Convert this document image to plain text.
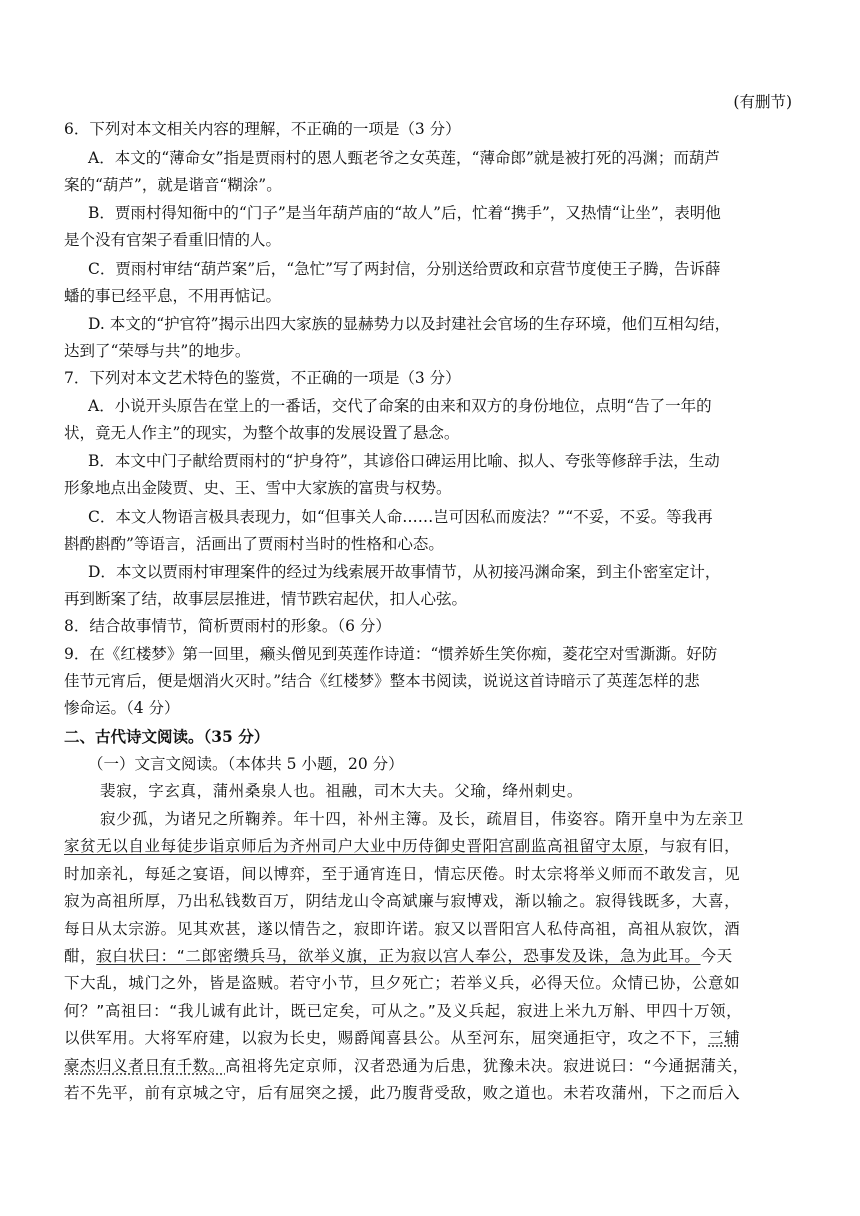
(有删节)
6．下列对本文相关内容的理解，不正确的一项是（3 分）
A．本文的“薄命女”指是贾雨村的恩人甄老爷之女英莲，“薄命郎”就是被打死的冯渊；而葫芦
案的“葫芦”，就是谐音“糊涂”。
B．贾雨村得知衙中的“门子”是当年葫芦庙的“故人”后，忙着“携手”，又热情“让坐”，表明他
是个没有官架子看重旧情的人。
C．贾雨村审结“葫芦案”后，“急忙”写了两封信，分别送给贾政和京营节度使王子腾，告诉薛
蟠的事已经平息，不用再惦记。
D. 本文的“护官符”揭示出四大家族的显赫势力以及封建社会官场的生存环境，他们互相勾结，
达到了“荣辱与共”的地步。
7．下列对本文艺术特色的鉴赏，不正确的一项是（3 分）
A．小说开头原告在堂上的一番话，交代了命案的由来和双方的身份地位，点明“告了一年的
状，竟无人作主”的现实，为整个故事的发展设置了悬念。
B．本文中门子献给贾雨村的“护身符”，其谚俗口碑运用比喻、拟人、夸张等修辞手法，生动
形象地点出金陵贾、史、王、雪中大家族的富贵与权势。
C．本文人物语言极具表现力，如“但事关人命……岂可因私而废法？”“不妥，不妥。等我再
斟酌斟酌”等语言，活画出了贾雨村当时的性格和心态。
D．本文以贾雨村审理案件的经过为线索展开故事情节，从初接冯渊命案，到主仆密室定计，
再到断案了结，故事层层推进，情节跌宕起伏，扣人心弦。
8．结合故事情节，简析贾雨村的形象。（6 分）
9．在《红楼梦》第一回里，癞头僧见到英莲作诗道：“惯养娇生笑你痴，菱花空对雪澌澌。好防
佳节元宵后，便是烟消火灭时。”结合《红楼梦》整本书阅读，说说这首诗暗示了英莲怎样的悲
惨命运。（4 分）
二、古代诗文阅读。（35 分）
（一）文言文阅读。（本体共 5 小题，20 分）
裴寂，字玄真，蒲州桑泉人也。祖融，司木大夫。父瑜，绛州刺史。
寂少孤，为诸兄之所鞠养。年十四，补州主簿。及长，疏眉目，伟姿容。隋开皇中为左亲卫
家贫无以自业每徒步诣京师后为齐州司户大业中历侍御史晋阳宫副监高祖留守太原，与寂有旧，
时加亲礼，每延之宴语，间以博弈，至于通宵连日，情忘厌倦。时太宗将举义师而不敢发言，见
寂为高祖所厚，乃出私钱数百万，阴结龙山令高斌廉与寂博戏，渐以输之。寂得钱既多，大喜，
每日从太宗游。见其欢甚，遂以情告之，寂即许诺。寂又以晋阳宫人私侍高祖，高祖从寂饮，酒
酣，寂白状曰：“二郎密缵兵马，欲举义旗，正为寂以宫人奉公，恐事发及诛，急为此耳。今天
下大乱，城门之外，皆是盗贼。若守小节，旦夕死亡；若举义兵，必得天位。众情已协，公意如
何？”高祖曰：“我儿诚有此计，既已定矣，可从之。”及义兵起，寂进上米九万斛、甲四十万领，
以供军用。大将军府建，以寂为长史，赐爵闻喜县公。从至河东，屈突通拒守，攻之不下，三辅
豪杰归义者日有千数。高祖将先定京师，汉者恐通为后患，犹豫未决。寂进说曰：“今通据蒲关，
若不先平，前有京城之守，后有屈突之援，此乃腹背受敌，败之道也。未若攻蒲州，下之而后入
